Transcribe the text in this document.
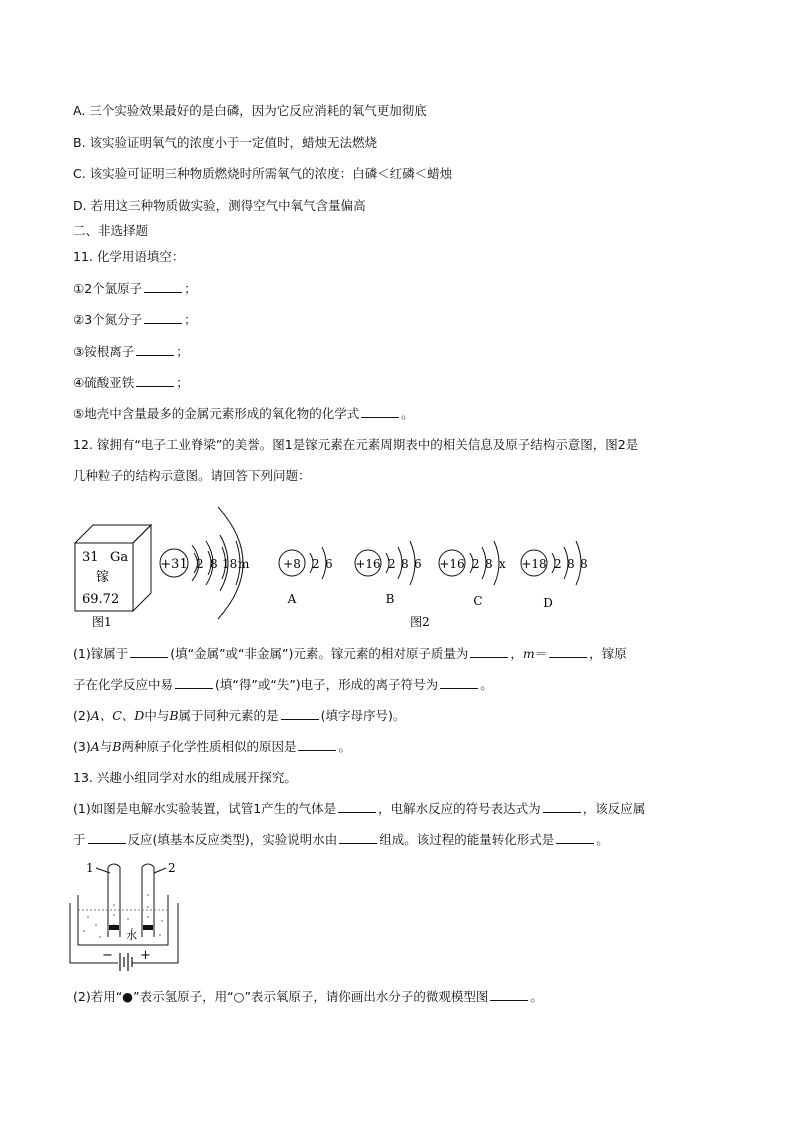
A. 三个实验效果最好的是白磷，因为它反应消耗的氧气更加彻底
B. 该实验证明氧气的浓度小于一定值时，蜡烛无法燃烧
C. 该实验可证明三种物质燃烧时所需氧气的浓度：白磷＜红磷＜蜡烛
D. 若用这三种物质做实验，测得空气中氧气含量偏高
二、非选择题
11. 化学用语填空：
①2个氯原子	；
②3个氮分子	；
③铵根离子	；
④硫酸亚铁	；
⑤地壳中含量最多的金属元素形成的氧化物的化学式	。
12. 镓拥有“电子工业脊梁”的美誉。图1是镓元素在元素周期表中的相关信息及原子结构示意图，图2是
几种粒子的结构示意图。请回答下列问题：
31 Ga
镓
69.72
+31 2 8 18 m
图1
+8 2 6
A
+16 2 8 6
B
+16 2 8 x
C
+18 2 8 8
D
图2
(1)镓属于	(填“金属”或“非金属”)元素。镓元素的相对原子质量为	，m＝	，镓原
子在化学反应中易	(填“得”或“失”)电子，形成的离子符号为	。
(2)A、C、D中与B属于同种元素的是	(填字母序号)。
(3)A与B两种原子化学性质相似的原因是	。
13. 兴趣小组同学对水的组成展开探究。
(1)如图是电解水实验装置，试管1产生的气体是	，电解水反应的符号表达式为	，该反应属
于	反应(填基本反应类型)，实验说明水由	组成。该过程的能量转化形式是	。
1	2
水
− +
(2)若用“●”表示氢原子，用“○”表示氧原子，请你画出水分子的微观模型图	。
